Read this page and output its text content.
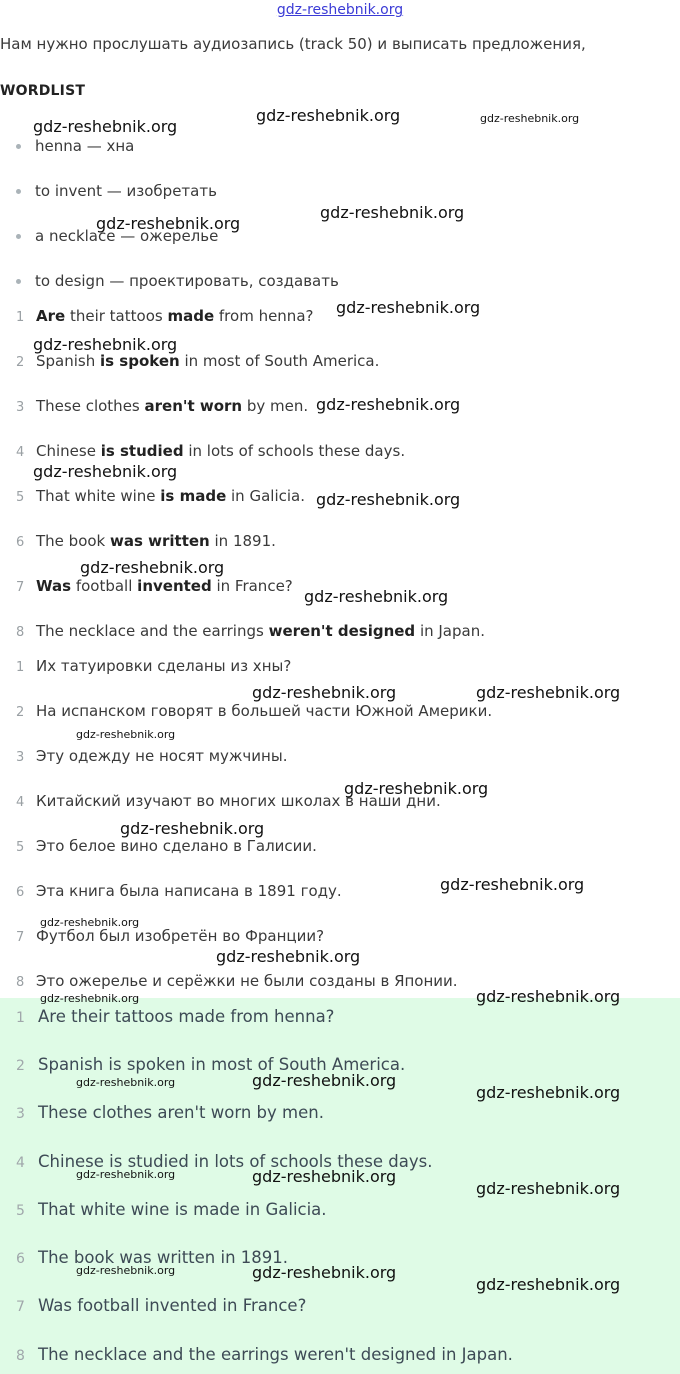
gdz-reshebnik.org
Нам нужно прослушать аудиозапись (track 50) и выписать предложения,
WORDLIST
henna — хна
to invent — изобретать
a necklace — ожерелье
to design — проектировать, создавать
1 Are their tattoos made from henna?
2 Spanish is spoken in most of South America.
3 These clothes aren't worn by men.
4 Chinese is studied in lots of schools these days.
5 That white wine is made in Galicia.
6 The book was written in 1891.
7 Was football invented in France?
8 The necklace and the earrings weren't designed in Japan.
1 Их татуировки сделаны из хны?
2 На испанском говорят в большей части Южной Америки.
3 Эту одежду не носят мужчины.
4 Китайский изучают во многих школах в наши дни.
5 Это белое вино сделано в Галисии.
6 Эта книга была написана в 1891 году.
7 Футбол был изобретён во Франции?
8 Это ожерелье и серёжки не были созданы в Японии.
1 Are their tattoos made from henna?
2 Spanish is spoken in most of South America.
3 These clothes aren't worn by men.
4 Chinese is studied in lots of schools these days.
5 That white wine is made in Galicia.
6 The book was written in 1891.
7 Was football invented in France?
8 The necklace and the earrings weren't designed in Japan.
gdz-reshebnik.org
gdz-reshebnik.org	gdz-reshebnik.org
gdz-reshebnik.org
gdz-reshebnik.org
gdz-reshebnik.org
gdz-reshebnik.org
gdz-reshebnik.org
gdz-reshebnik.org
gdz-reshebnik.org
gdz-reshebnik.org
gdz-reshebnik.org
gdz-reshebnik.org	gdz-reshebnik.org
gdz-reshebnik.org
gdz-reshebnik.org
gdz-reshebnik.org
gdz-reshebnik.org
gdz-reshebnik.org
gdz-reshebnik.org
gdz-reshebnik.org	gdz-reshebnik.org
gdz-reshebnik.org	gdz-reshebnik.org
gdz-reshebnik.org
gdz-reshebnik.org	gdz-reshebnik.org
gdz-reshebnik.org
gdz-reshebnik.org	gdz-reshebnik.org
gdz-reshebnik.org
